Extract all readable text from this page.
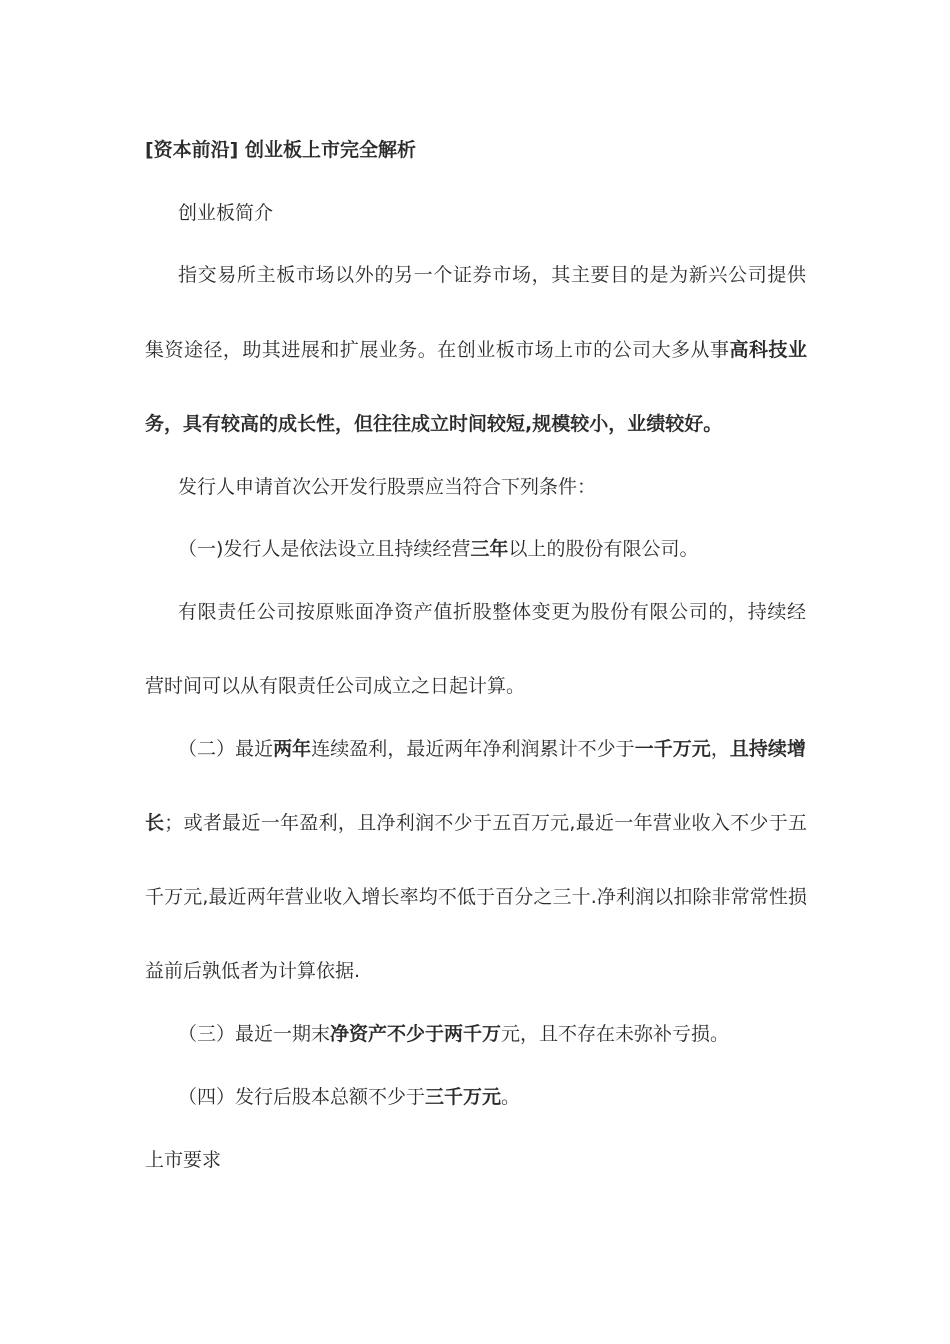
[资本前沿] 创业板上市完全解析

创业板简介

指交易所主板市场以外的另一个证券市场，其主要目的是为新兴公司提供

集资途径，助其进展和扩展业务。在创业板市场上市的公司大多从事高科技业

务，具有较高的成长性，但往往成立时间较短,规模较小，业绩较好。

发行人申请首次公开发行股票应当符合下列条件：

（一)发行人是依法设立且持续经营三年以上的股份有限公司。

有限责任公司按原账面净资产值折股整体变更为股份有限公司的，持续经

营时间可以从有限责任公司成立之日起计算。

（二）最近两年连续盈利，最近两年净利润累计不少于一千万元，且持续增

长；或者最近一年盈利，且净利润不少于五百万元,最近一年营业收入不少于五

千万元,最近两年营业收入增长率均不低于百分之三十.净利润以扣除非常常性损

益前后孰低者为计算依据.

（三）最近一期末净资产不少于两千万元，且不存在未弥补亏损。

（四）发行后股本总额不少于三千万元。

上市要求
